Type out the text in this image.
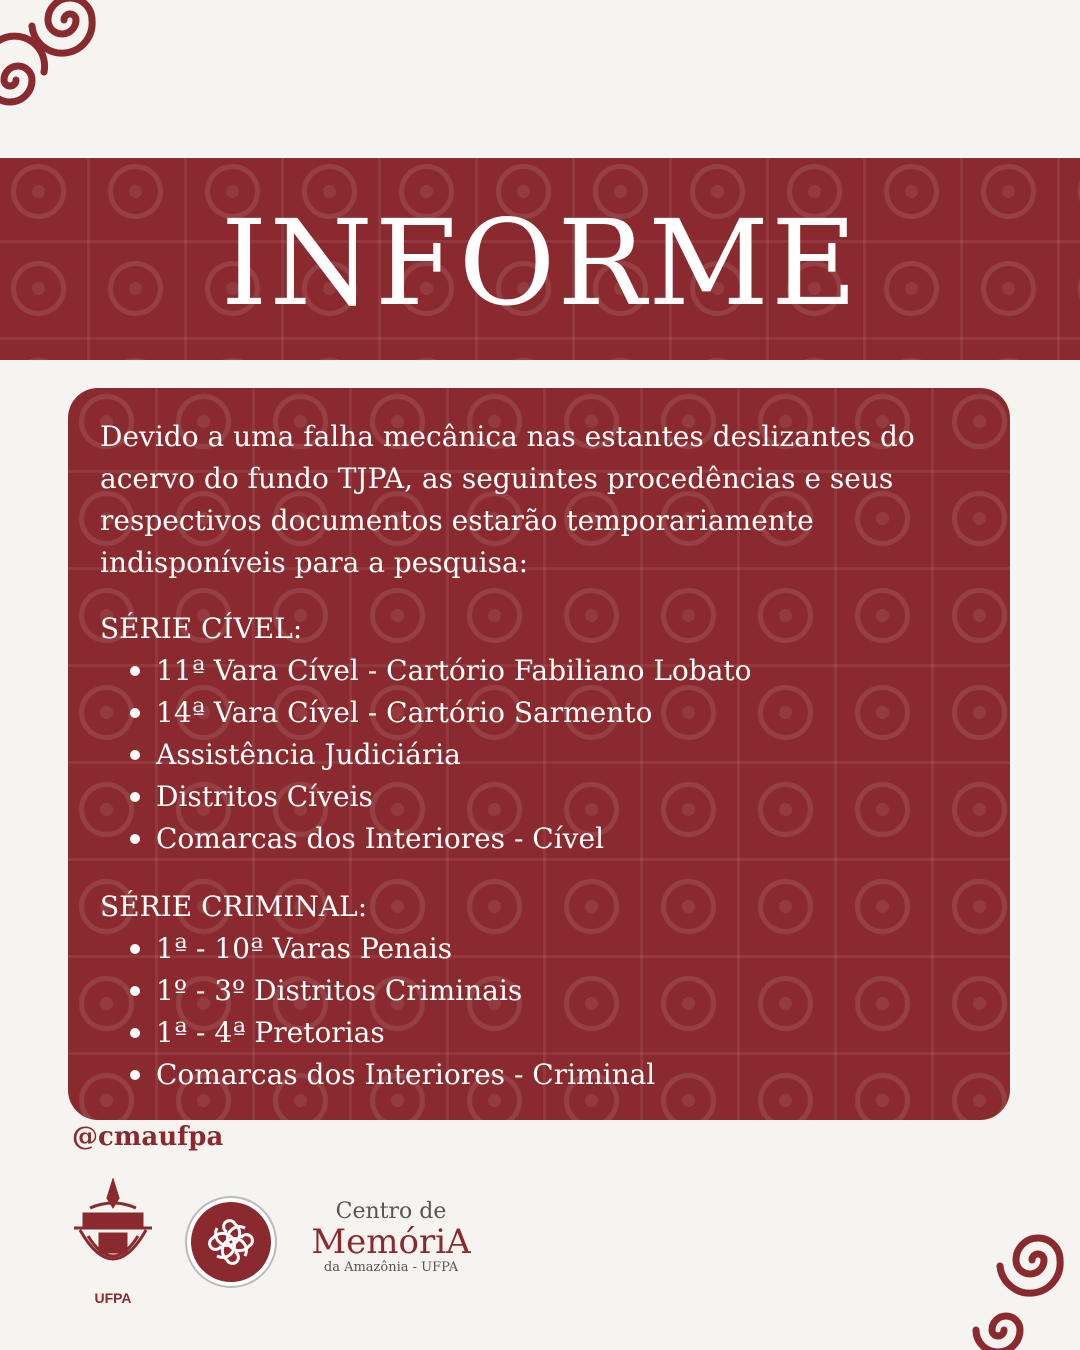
INFORME

Devido a uma falha mecânica nas estantes deslizantes do acervo do fundo TJPA, as seguintes procedências e seus respectivos documentos estarão temporariamente indisponíveis para a pesquisa:

SÉRIE CÍVEL:
11ª Vara Cível - Cartório Fabiliano Lobato
14ª Vara Cível - Cartório Sarmento
Assistência Judiciária
Distritos Cíveis
Comarcas dos Interiores - Cível
SÉRIE CRIMINAL:
1ª - 10ª Varas Penais
1º - 3º Distritos Criminais
1ª - 4ª Pretorias
Comarcas dos Interiores - Criminal
@cmaufpa
UFPA
Centro de
MemóriA
da Amazônia - UFPA
